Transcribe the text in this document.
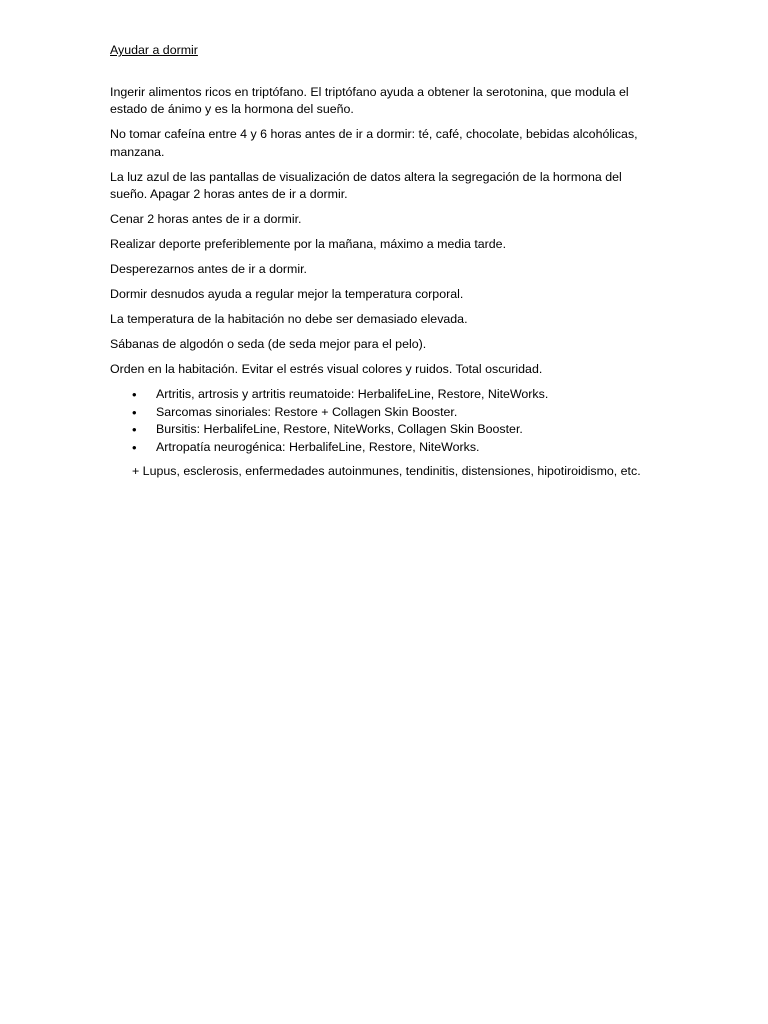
Ayudar a dormir

Ingerir alimentos ricos en triptófano. El triptófano ayuda a obtener la serotonina, que modula el estado de ánimo y es la hormona del sueño.

No tomar cafeína entre 4 y 6 horas antes de ir a dormir: té, café, chocolate, bebidas alcohólicas, manzana.

La luz azul de las pantallas de visualización de datos altera la segregación de la hormona del sueño. Apagar 2 horas antes de ir a dormir.

Cenar 2 horas antes de ir a dormir.

Realizar deporte preferiblemente por la mañana, máximo a media tarde.

Desperezarnos antes de ir a dormir.

Dormir desnudos ayuda a regular mejor la temperatura corporal.

La temperatura de la habitación no debe ser demasiado elevada.

Sábanas de algodón o seda (de seda mejor para el pelo).

Orden en la habitación. Evitar el estrés visual colores y ruidos. Total oscuridad.

• Artritis, artrosis y artritis reumatoide: HerbalifeLine, Restore, NiteWorks.
• Sarcomas sinoriales: Restore + Collagen Skin Booster.
• Bursitis: HerbalifeLine, Restore, NiteWorks, Collagen Skin Booster.
• Artropatía neurogénica: HerbalifeLine, Restore, NiteWorks.

+ Lupus, esclerosis, enfermedades autoinmunes, tendinitis, distensiones, hipotiroidismo, etc.
